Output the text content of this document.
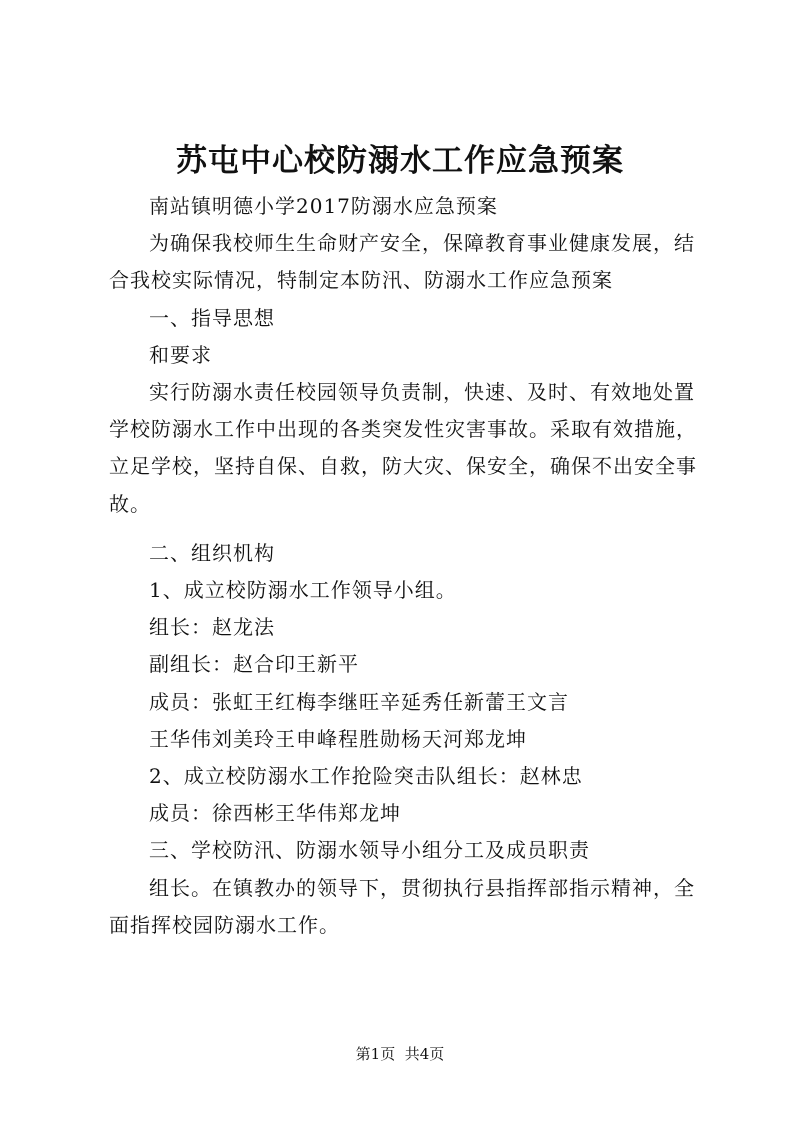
苏屯中心校防溺水工作应急预案

南站镇明德小学2017防溺水应急预案

为确保我校师生生命财产安全，保障教育事业健康发展，结合我校实际情况，特制定本防汛、防溺水工作应急预案

一、指导思想

和要求

实行防溺水责任校园领导负责制，快速、及时、有效地处置学校防溺水工作中出现的各类突发性灾害事故。采取有效措施，立足学校，坚持自保、自救，防大灾、保安全，确保不出安全事故。

二、组织机构

1、成立校防溺水工作领导小组。

组长：赵龙法

副组长：赵合印王新平

成员：张虹王红梅李继旺辛延秀任新蕾王文言

王华伟刘美玲王申峰程胜勋杨天河郑龙坤

2、成立校防溺水工作抢险突击队组长：赵林忠

成员：徐西彬王华伟郑龙坤

三、学校防汛、防溺水领导小组分工及成员职责

组长。在镇教办的领导下，贯彻执行县指挥部指示精神，全面指挥校园防溺水工作。

第1页 共4页
